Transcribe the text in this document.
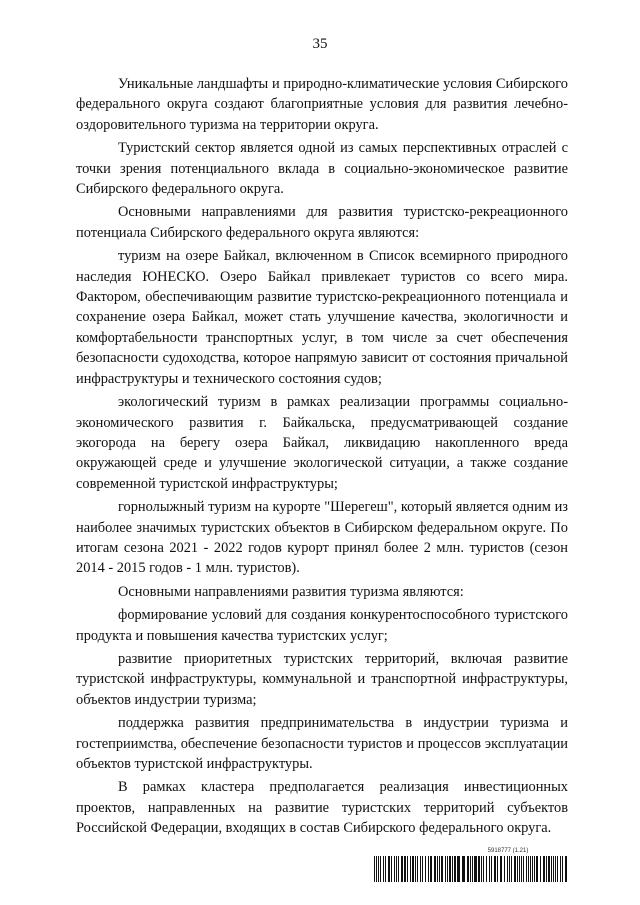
35

Уникальные ландшафты и природно-климатические условия Сибирского федерального округа создают благоприятные условия для развития лечебно-оздоровительного туризма на территории округа.

Туристский сектор является одной из самых перспективных отраслей с точки зрения потенциального вклада в социально-экономическое развитие Сибирского федерального округа.

Основными направлениями для развития туристско-рекреационного потенциала Сибирского федерального округа являются:

туризм на озере Байкал, включенном в Список всемирного природного наследия ЮНЕСКО. Озеро Байкал привлекает туристов со всего мира. Фактором, обеспечивающим развитие туристско-рекреационного потенциала и сохранение озера Байкал, может стать улучшение качества, экологичности и комфортабельности транспортных услуг, в том числе за счет обеспечения безопасности судоходства, которое напрямую зависит от состояния причальной инфраструктуры и технического состояния судов;

экологический туризм в рамках реализации программы социально-экономического развития г. Байкальска, предусматривающей создание экогорода на берегу озера Байкал, ликвидацию накопленного вреда окружающей среде и улучшение экологической ситуации, а также создание современной туристской инфраструктуры;

горнолыжный туризм на курорте "Шерегеш", который является одним из наиболее значимых туристских объектов в Сибирском федеральном округе. По итогам сезона 2021 - 2022 годов курорт принял более 2 млн. туристов (сезон 2014 - 2015 годов - 1 млн. туристов).

Основными направлениями развития туризма являются:

формирование условий для создания конкурентоспособного туристского продукта и повышения качества туристских услуг;

развитие приоритетных туристских территорий, включая развитие туристской инфраструктуры, коммунальной и транспортной инфраструктуры, объектов индустрии туризма;

поддержка развития предпринимательства в индустрии туризма и гостеприимства, обеспечение безопасности туристов и процессов эксплуатации объектов туристской инфраструктуры.

В рамках кластера предполагается реализация инвестиционных проектов, направленных на развитие туристских территорий субъектов Российской Федерации, входящих в состав Сибирского федерального округа.

5918777 (1.21)
